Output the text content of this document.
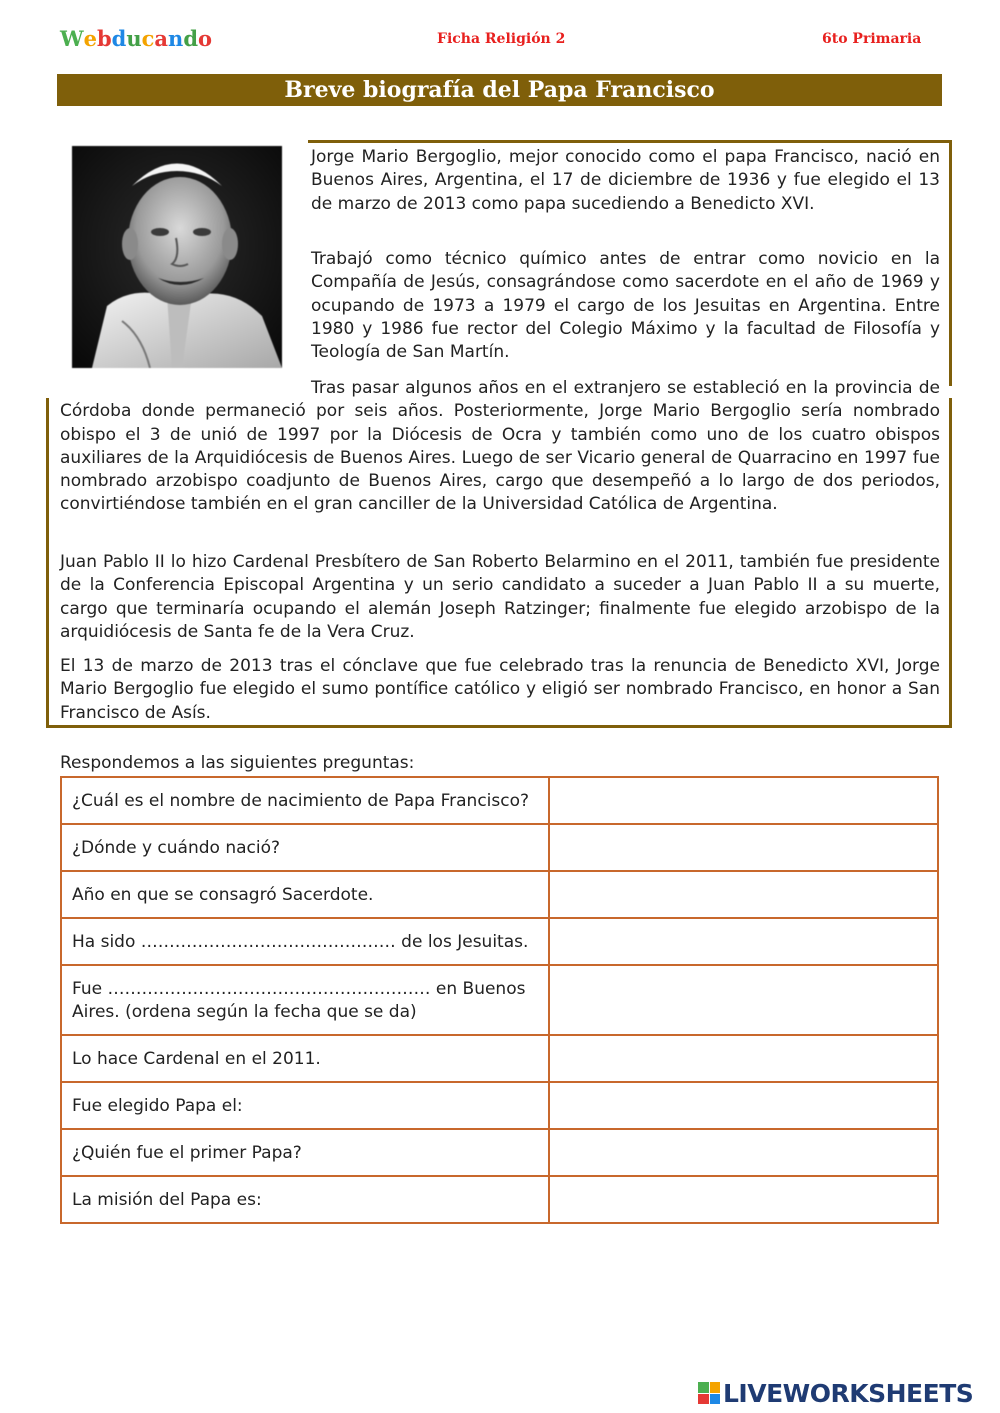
Webducando	Ficha Religión 2	6to Primaria
Breve biografía del Papa Francisco

Jorge Mario Bergoglio, mejor conocido como el papa Francisco, nació en Buenos Aires, Argentina, el 17 de diciembre de 1936 y fue elegido el 13 de marzo de 2013 como papa sucediendo a Benedicto XVI.

Trabajó como técnico químico antes de entrar como novicio en la Compañía de Jesús, consagrándose como sacerdote en el año de 1969 y ocupando de 1973 a 1979 el cargo de los Jesuitas en Argentina. Entre 1980 y 1986 fue rector del Colegio Máximo y la facultad de Filosofía y Teología de San Martín.

Tras pasar algunos años en el extranjero se estableció en la provincia de Córdoba donde permaneció por seis años. Posteriormente, Jorge Mario Bergoglio sería nombrado obispo el 3 de unió de 1997 por la Diócesis de Ocra y también como uno de los cuatro obispos auxiliares de la Arquidiócesis de Buenos Aires. Luego de ser Vicario general de Quarracino en 1997 fue nombrado arzobispo coadjunto de Buenos Aires, cargo que desempeñó a lo largo de dos periodos, convirtiéndose también en el gran canciller de la Universidad Católica de Argentina.

Juan Pablo II lo hizo Cardenal Presbítero de San Roberto Belarmino en el 2011, también fue presidente de la Conferencia Episcopal Argentina y un serio candidato a suceder a Juan Pablo II a su muerte, cargo que terminaría ocupando el alemán Joseph Ratzinger; finalmente fue elegido arzobispo de la arquidiócesis de Santa fe de la Vera Cruz.

El 13 de marzo de 2013 tras el cónclave que fue celebrado tras la renuncia de Benedicto XVI, Jorge Mario Bergoglio fue elegido el sumo pontífice católico y eligió ser nombrado Francisco, en honor a San Francisco de Asís.

Respondemos a las siguientes preguntas:
¿Cuál es el nombre de nacimiento de Papa Francisco?	
¿Dónde y cuándo nació?	
Año en que se consagró Sacerdote.	
Ha sido ……………………………………… de los Jesuitas.	
Fue ………………………………………………… en Buenos Aires. (ordena según la fecha que se da)	
Lo hace Cardenal en el 2011.	
Fue elegido Papa el:	
¿Quién fue el primer Papa?	
La misión del Papa es:	
LIVEWORKSHEETS
